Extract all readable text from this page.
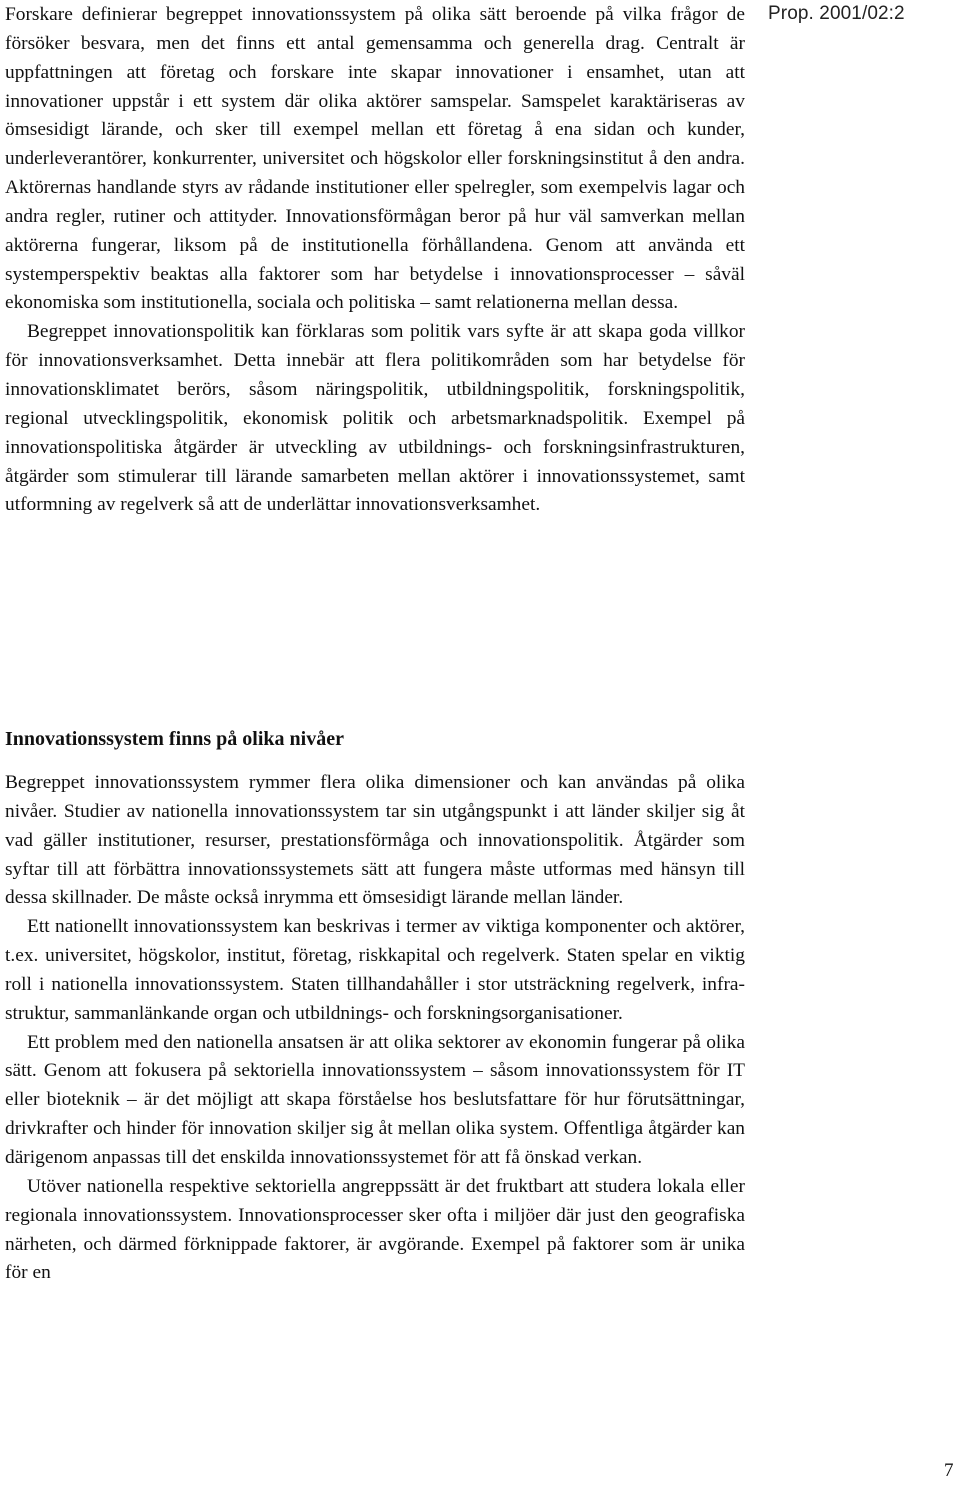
Prop. 2001/02:2

Forskare definierar begreppet innovationssystem på olika sätt beroende på vilka frågor de försöker besvara, men det finns ett antal gemensamma och generella drag. Centralt är uppfattningen att företag och forskare inte skapar innovationer i ensamhet, utan att innovationer uppstår i ett system där olika aktörer samspelar. Samspelet karaktäriseras av ömsesidigt lärande, och sker till exempel mellan ett företag å ena sidan och kunder, underleverantörer, konkurrenter, universitet och högskolor eller forskningsinstitut å den andra. Aktörernas handlande styrs av rådande institutioner eller spelregler, som exempelvis lagar och andra regler, rutiner och attityder. Innovationsförmågan beror på hur väl samverkan mellan aktörerna fungerar, liksom på de institutionella förhållandena. Genom att använda ett systemperspektiv beaktas alla faktorer som har betydelse i innovationsprocesser – såväl ekonomiska som institutionella, sociala och politiska – samt relationerna mellan dessa.

Begreppet innovationspolitik kan förklaras som politik vars syfte är att skapa goda villkor för innovationsverksamhet. Detta innebär att flera politikområden som har betydelse för innovationsklimatet berörs, såsom näringspolitik, utbildningspolitik, forskningspolitik, regional utvecklingspolitik, ekonomisk politik och arbetsmarknadspolitik. Exempel på innovationspolitiska åtgärder är utveckling av utbildnings- och forskningsinfrastrukturen, åtgärder som stimulerar till lärande samarbeten mellan aktörer i innovationssystemet, samt utformning av regelverk så att de underlättar innovationsverksamhet.

Innovationssystem finns på olika nivåer

Begreppet innovationssystem rymmer flera olika dimensioner och kan användas på olika nivåer. Studier av nationella innovationssystem tar sin utgångspunkt i att länder skiljer sig åt vad gäller institutioner, resurser, prestationsförmåga och innovationspolitik. Åtgärder som syftar till att förbättra innovationssystemets sätt att fungera måste utformas med hänsyn till dessa skillnader. De måste också inrymma ett ömsesidigt lärande mellan länder.

Ett nationellt innovationssystem kan beskrivas i termer av viktiga komponenter och aktörer, t.ex. universitet, högskolor, institut, företag, riskkapital och regelverk. Staten spelar en viktig roll i nationella innovationssystem. Staten tillhandahåller i stor utsträckning regelverk, infrastruktur, sammanlänkande organ och utbildnings- och forskningsorganisationer.

Ett problem med den nationella ansatsen är att olika sektorer av ekonomin fungerar på olika sätt. Genom att fokusera på sektoriella innovationssystem – såsom innovationssystem för IT eller bioteknik – är det möjligt att skapa förståelse hos beslutsfattare för hur förutsättningar, drivkrafter och hinder för innovation skiljer sig åt mellan olika system. Offentliga åtgärder kan därigenom anpassas till det enskilda innovationssystemet för att få önskad verkan.

Utöver nationella respektive sektoriella angreppssätt är det fruktbart att studera lokala eller regionala innovationssystem. Innovationsprocesser sker ofta i miljöer där just den geografiska närheten, och därmed förknippade faktorer, är avgörande. Exempel på faktorer som är unika för en

7
